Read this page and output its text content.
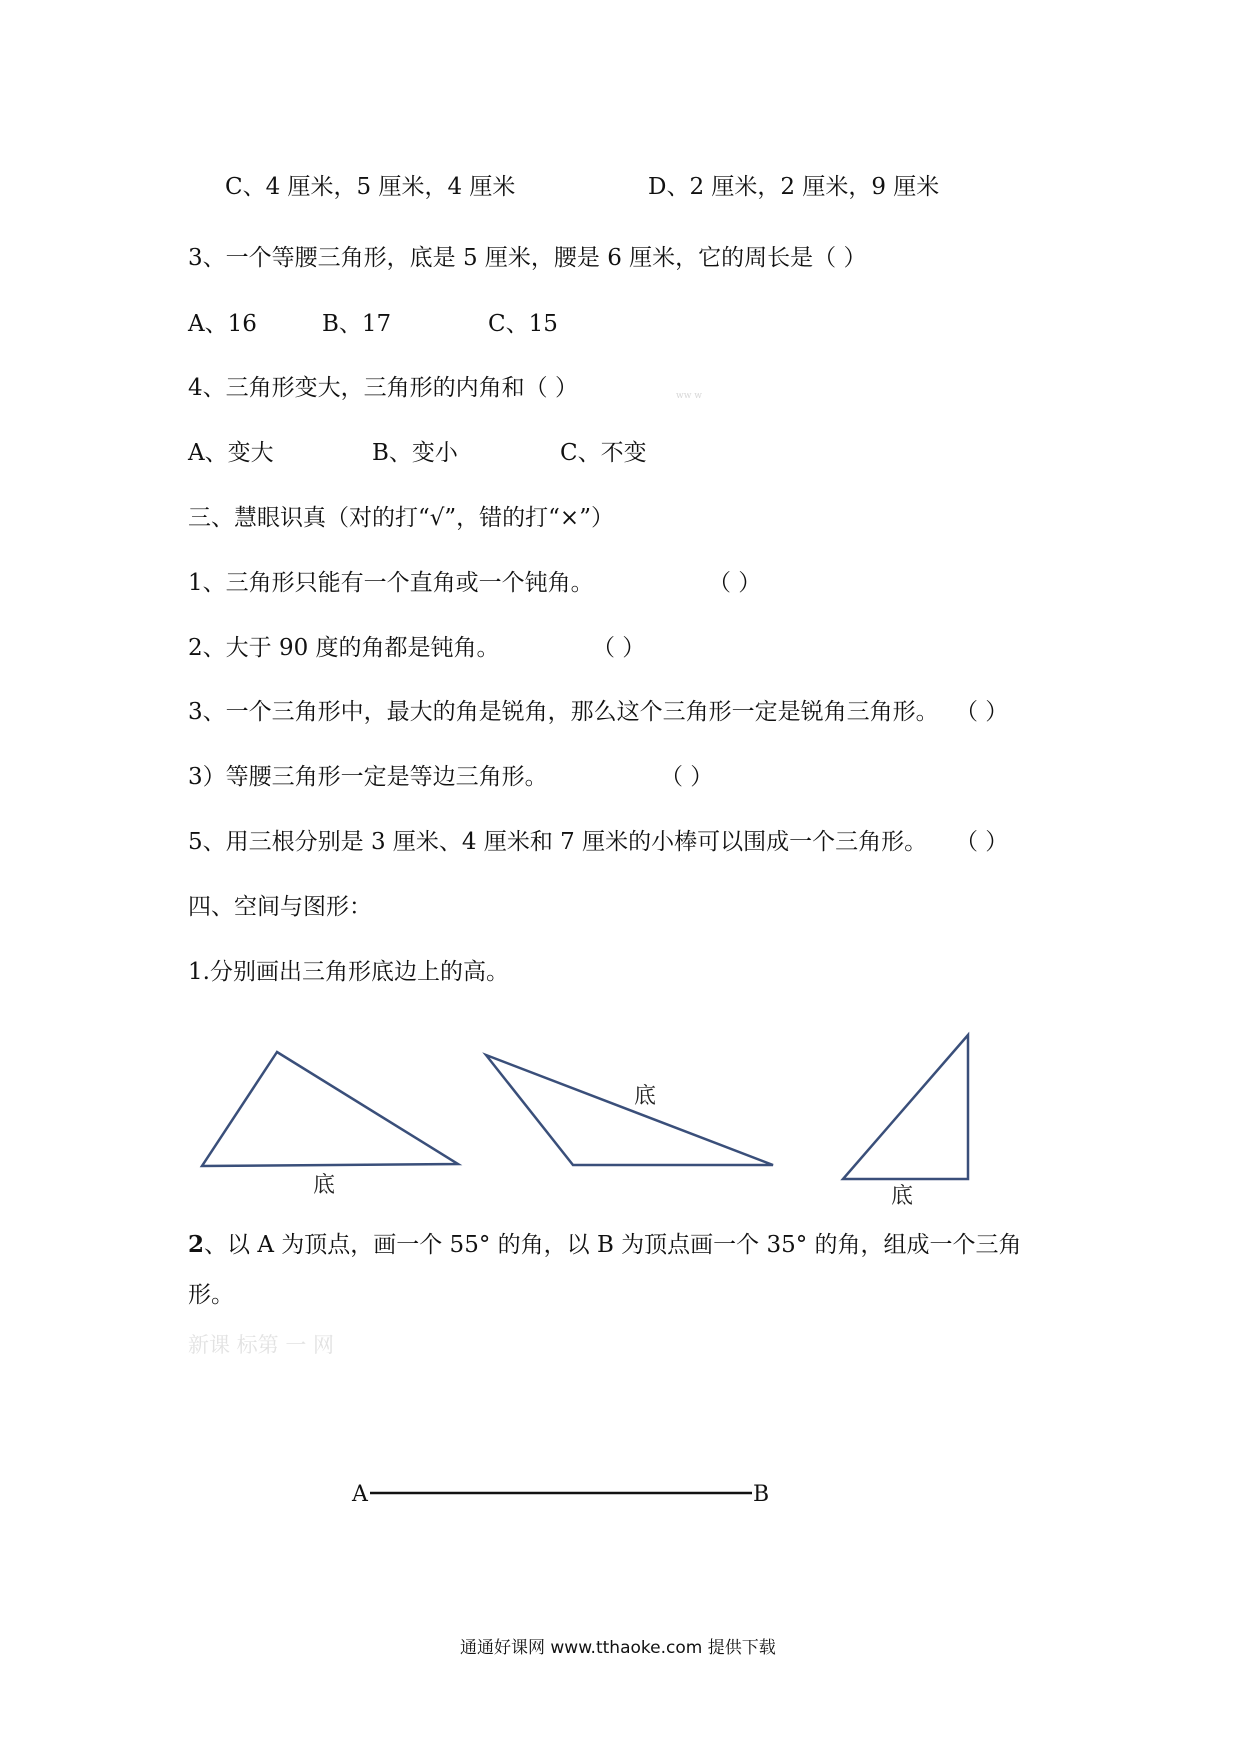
C、4 厘米，5 厘米，4 厘米	D、2 厘米，2 厘米，9 厘米
3、一个等腰三角形，底是 5 厘米，腰是 6 厘米，它的周长是（ ）
A、16	B、17	C、15
4、三角形变大，三角形的内角和（ ）	ww w
A、变大	B、变小	C、不变
三、慧眼识真（对的打“√”，错的打“×”）
1、三角形只能有一个直角或一个钝角。	（ ）
2、大于 90 度的角都是钝角。	（ ）
3、一个三角形中，最大的角是锐角，那么这个三角形一定是锐角三角形。 （ ）
3）等腰三角形一定是等边三角形。	（ ）
5、用三根分别是 3 厘米、4 厘米和 7 厘米的小棒可以围成一个三角形。 （ ）
四、空间与图形：
1.分别画出三角形底边上的高。
底
底
底
A	B
2、以 A 为顶点，画一个 55° 的角，以 B 为顶点画一个 35° 的角，组成一个三角
形。
新课 标第 一 网
通通好课网 www.tthaoke.com 提供下载
